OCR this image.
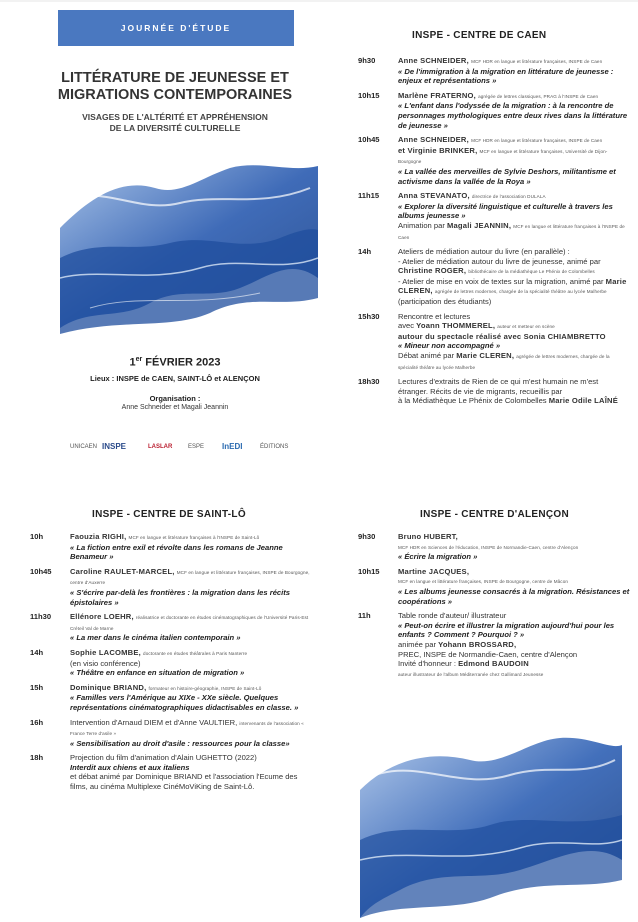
JOURNÉE D'ÉTUDE
LITTÉRATURE DE JEUNESSE ET
MIGRATIONS CONTEMPORAINES
VISAGES DE L'ALTÉRITÉ ET APPRÉHENSION
DE LA DIVERSITÉ CULTURELLE
1er FÉVRIER 2023
Lieux : INSPE de CAEN, SAINT-LÔ et ALENÇON
Organisation :
Anne Schneider et Magali Jeannin
UNICAEN INSPE	LASLAR	ESPE InEDI	ÉDITIONS
INSPE - CENTRE DE CAEN
9h30	Anne SCHNEIDER, MCF HDR en langue et littérature françaises, INSPE de Caen
« De l'immigration à la migration en littérature de jeunesse : enjeux et représentations »
10h15	Marlène FRATERNO, agrégée de lettres classiques, PRAG à l'INSPE de Caen
« L'enfant dans l'odyssée de la migration : à la rencontre de personnages mythologiques entre deux rives dans la littérature de jeunesse »
10h45	Anne SCHNEIDER, MCF HDR en langue et littérature françaises, INSPE de Caen
et Virginie BRINKER, MCF en langue et littérature françaises, Université de Dijon-Bourgogne
« La vallée des merveilles de Sylvie Deshors, militantisme et activisme dans la vallée de la Roya »
11h15	Anna STEVANATO, directrice de l'association DULALA
« Explorer la diversité linguistique et culturelle à travers les albums jeunesse »
Animation par Magali JEANNIN, MCF en langue et littérature françaises à l'INSPE de Caen
14h	Ateliers de médiation autour du livre (en parallèle) :
- Atelier de médiation autour du livre de jeunesse, animé par Christine ROGER, bibliothécaire de la médiathèque Le Phénix de Colombelles
- Atelier de mise en voix de textes sur la migration, animé par Marie CLEREN, agrégée de lettres modernes, chargée de la spécialité théâtre au lycée Malherbe
(participation des étudiants)
15h30	Rencontre et lectures
avec Yoann THOMMEREL, auteur et metteur en scène
autour du spectacle réalisé avec Sonia CHIAMBRETTO
« Mineur non accompagné »
Débat animé par Marie CLEREN, agrégée de lettres modernes, chargée de la spécialité théâtre au lycée Malherbe
18h30	Lectures d'extraits de Rien de ce qui m'est humain ne m'est étranger. Récits de vie de migrants, recueillis par
à la Médiathèque Le Phénix de Colombelles Marie Odile LAÎNÉ
INSPE - CENTRE DE SAINT-LÔ
10h	Faouzia RIGHI, MCF en langue et littérature françaises à l'INSPE de Saint-Lô
« La fiction entre exil et révolte dans les romans de Jeanne Benameur »
10h45	Caroline RAULET-MARCEL, MCF en langue et littérature françaises, INSPE de Bourgogne, centre d'Auxerre
« S'écrire par-delà les frontières : la migration dans les récits épistolaires »
11h30	Ellénore LOEHR, réalisatrice et doctorante en études cinématographiques de l'Université Paris-Est Créteil Val de Marne
« La mer dans le cinéma italien contemporain »
14h	Sophie LACOMBE, doctorante en études théâtrales à Paris Nanterre
(en visio conférence)
« Théâtre en enfance en situation de migration »
15h	Dominique BRIAND, formateur en histoire-géographie, INSPE de Saint-Lô
« Familles vers l'Amérique au XIXe - XXe siècle. Quelques représentations cinématographiques didactisables en classe. »
16h	Intervention d'Arnaud DIEM et d'Anne VAULTIER, intervenants de l'association « France Terre d'asile »
« Sensibilisation au droit d'asile : ressources pour la classe»
18h	Projection du film d'animation d'Alain UGHETTO (2022)
Interdit aux chiens et aux italiens
et débat animé par Dominique BRIAND et l'association l'Ecume des films, au cinéma Multiplexe CinéMoViKing de Saint-Lô.
INSPE - CENTRE D'ALENÇON
9h30	Bruno HUBERT,
MCF HDR en Sciences de l'éducation, INSPE de Normandie-Caen, centre d'Alençon
« Écrire la migration »
10h15	Martine JACQUES,
MCF en langue et littérature françaises, INSPE de Bourgogne, centre de Mâcon
« Les albums jeunesse consacrés à la migration. Résistances et coopérations »
11h	Table ronde d'auteur/ illustrateur
« Peut-on écrire et illustrer la migration aujourd'hui pour les enfants ? Comment ? Pourquoi ? »
animée par Yohann BROSSARD,
PREC, INSPE de Normandie-Caen, centre d'Alençon
Invité d'honneur : Edmond BAUDOIN
auteur illustrateur de l'album Méditerranée chez Gallimard Jeunesse
